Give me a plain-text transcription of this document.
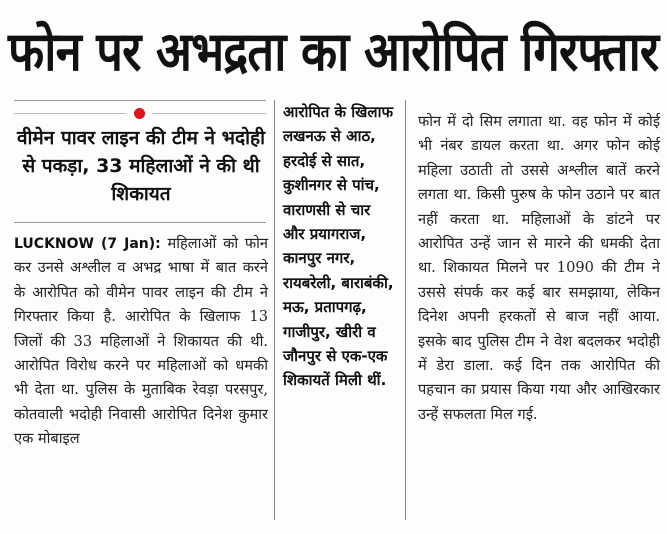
फोन पर अभद्रता का आरोपित गिरफ्तार
वीमेन पावर लाइन की टीम ने भदोही से पकड़ा, 33 महिलाओं ने की थी शिकायत
LUCKNOW (7 Jan): महिलाओं को फोन कर उनसे अश्लील व अभद्र भाषा में बात करने के आरोपित को वीमेन पावर लाइन की टीम ने गिरफ्तार किया है. आरोपित के खिलाफ 13 जिलों की 33 महिलाओं ने शिकायत की थी. आरोपित विरोध करने पर महिलाओं को धमकी भी देता था. पुलिस के मुताबिक रेवड़ा परसपुर, कोतवाली भदोही निवासी आरोपित दिनेश कुमार एक मोबाइल
आरोपित के खिलाफ लखनऊ से आठ, हरदोई से सात, कुशीनगर से पांच, वाराणसी से चार और प्रयागराज, कानपुर नगर, रायबरेली, बाराबंकी, मऊ, प्रतापगढ़, गाजीपुर, खीरी व जौनपुर से एक-एक शिकायतें मिली थीं.
फोन में दो सिम लगाता था. वह फोन में कोई भी नंबर डायल करता था. अगर फोन कोई महिला उठाती तो उससे अश्लील बातें करने लगता था. किसी पुरुष के फोन उठाने पर बात नहीं करता था. महिलाओं के डांटने पर आरोपित उन्हें जान से मारने की धमकी देता था. शिकायत मिलने पर 1090 की टीम ने उससे संपर्क कर कई बार समझाया, लेकिन दिनेश अपनी हरकतों से बाज नहीं आया. इसके बाद पुलिस टीम ने वेश बदलकर भदोही में डेरा डाला. कई दिन तक आरोपित की पहचान का प्रयास किया गया और आखिरकार उन्हें सफलता मिल गई.
